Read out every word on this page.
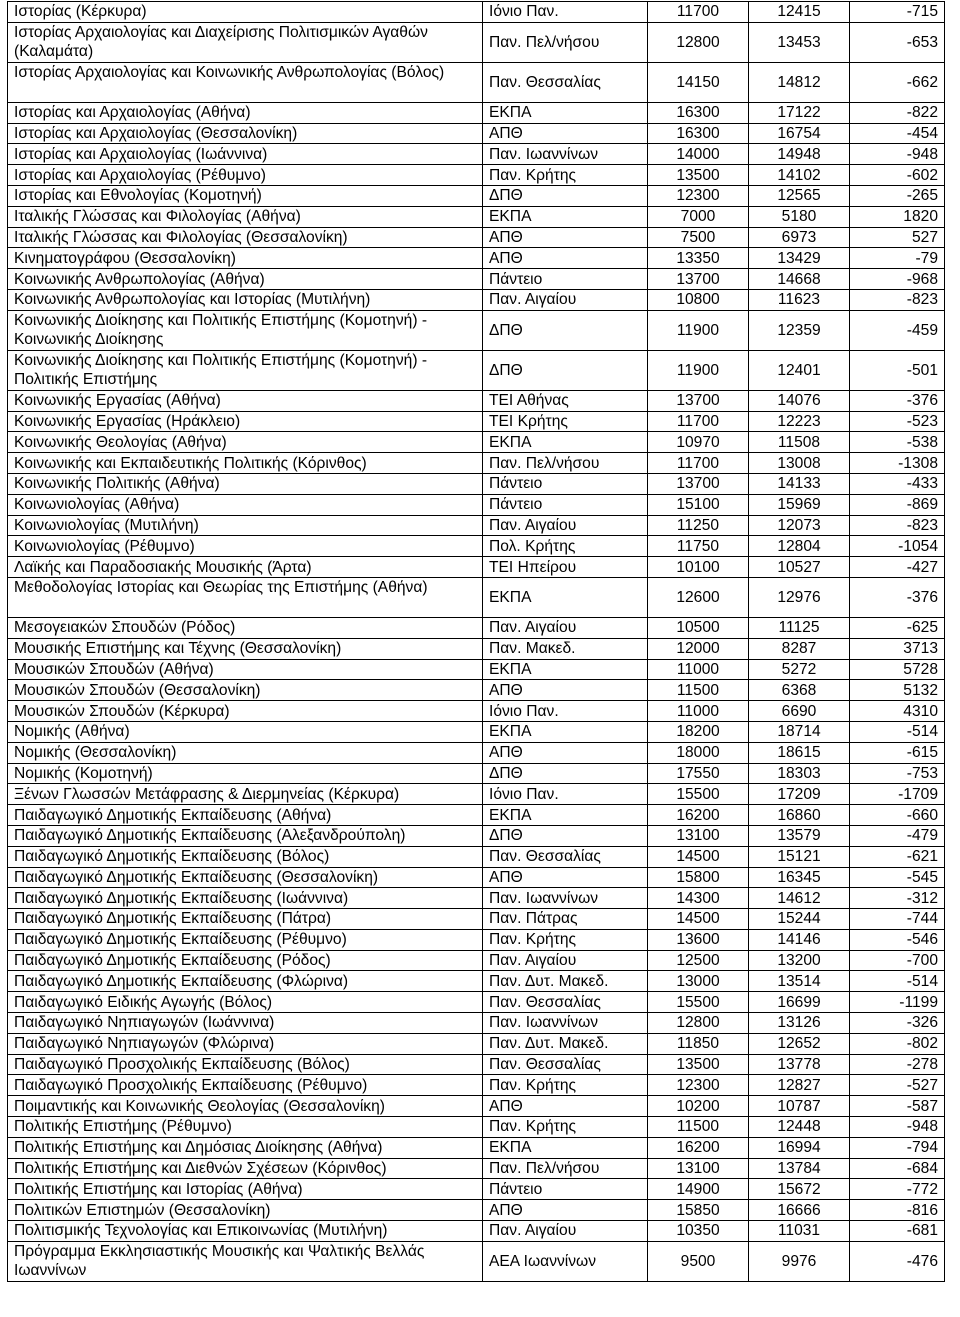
Ιστορίας (Κέρκυρα)	Ιόνιο Παν.	11700	12415	-715
Ιστορίας Αρχαιολογίας και Διαχείρισης Πολιτισμικών Αγαθών (Καλαμάτα)	Παν. Πελ/νήσου	12800	13453	-653
Ιστορίας Αρχαιολογίας και Κοινωνικής Ανθρωπολογίας (Βόλος)	Παν. Θεσσαλίας	14150	14812	-662
Ιστορίας και Αρχαιολογίας (Αθήνα)	ΕΚΠΑ	16300	17122	-822
Ιστορίας και Αρχαιολογίας (Θεσσαλονίκη)	ΑΠΘ	16300	16754	-454
Ιστορίας και Αρχαιολογίας (Ιωάννινα)	Παν. Ιωαννίνων	14000	14948	-948
Ιστορίας και Αρχαιολογίας (Ρέθυμνο)	Παν. Κρήτης	13500	14102	-602
Ιστορίας και Εθνολογίας (Κομοτηνή)	ΔΠΘ	12300	12565	-265
Ιταλικής Γλώσσας και Φιλολογίας (Αθήνα)	ΕΚΠΑ	7000	5180	1820
Ιταλικής Γλώσσας και Φιλολογίας (Θεσσαλονίκη)	ΑΠΘ	7500	6973	527
Κινηματογράφου (Θεσσαλονίκη)	ΑΠΘ	13350	13429	-79
Κοινωνικής Ανθρωπολογίας (Αθήνα)	Πάντειο	13700	14668	-968
Κοινωνικής Ανθρωπολογίας και Ιστορίας (Μυτιλήνη)	Παν. Αιγαίου	10800	11623	-823
Κοινωνικής Διοίκησης και Πολιτικής Επιστήμης (Κομοτηνή) - Κοινωνικής Διοίκησης	ΔΠΘ	11900	12359	-459
Κοινωνικής Διοίκησης και Πολιτικής Επιστήμης (Κομοτηνή) - Πολιτικής Επιστήμης	ΔΠΘ	11900	12401	-501
Κοινωνικής Εργασίας (Αθήνα)	ΤΕΙ Αθήνας	13700	14076	-376
Κοινωνικής Εργασίας (Ηράκλειο)	ΤΕΙ Κρήτης	11700	12223	-523
Κοινωνικής Θεολογίας (Αθήνα)	ΕΚΠΑ	10970	11508	-538
Κοινωνικής και Εκπαιδευτικής Πολιτικής (Κόρινθος)	Παν. Πελ/νήσου	11700	13008	-1308
Κοινωνικής Πολιτικής (Αθήνα)	Πάντειο	13700	14133	-433
Κοινωνιολογίας (Αθήνα)	Πάντειο	15100	15969	-869
Κοινωνιολογίας (Μυτιλήνη)	Παν. Αιγαίου	11250	12073	-823
Κοινωνιολογίας (Ρέθυμνο)	Πολ. Κρήτης	11750	12804	-1054
Λαϊκής και Παραδοσιακής Μουσικής (Άρτα)	ΤΕΙ Ηπείρου	10100	10527	-427
Μεθοδολογίας Ιστορίας και Θεωρίας της Επιστήμης (Αθήνα)	ΕΚΠΑ	12600	12976	-376
Μεσογειακών Σπουδών (Ρόδος)	Παν. Αιγαίου	10500	11125	-625
Μουσικής Επιστήμης και Τέχνης (Θεσσαλονίκη)	Παν. Μακεδ.	12000	8287	3713
Μουσικών Σπουδών (Αθήνα)	ΕΚΠΑ	11000	5272	5728
Μουσικών Σπουδών (Θεσσαλονίκη)	ΑΠΘ	11500	6368	5132
Μουσικών Σπουδών (Κέρκυρα)	Ιόνιο Παν.	11000	6690	4310
Νομικής (Αθήνα)	ΕΚΠΑ	18200	18714	-514
Νομικής (Θεσσαλονίκη)	ΑΠΘ	18000	18615	-615
Νομικής (Κομοτηνή)	ΔΠΘ	17550	18303	-753
Ξένων Γλωσσών Μετάφρασης & Διερμηνείας (Κέρκυρα)	Ιόνιο Παν.	15500	17209	-1709
Παιδαγωγικό Δημοτικής Εκπαίδευσης (Αθήνα)	ΕΚΠΑ	16200	16860	-660
Παιδαγωγικό Δημοτικής Εκπαίδευσης (Αλεξανδρούπολη)	ΔΠΘ	13100	13579	-479
Παιδαγωγικό Δημοτικής Εκπαίδευσης (Βόλος)	Παν. Θεσσαλίας	14500	15121	-621
Παιδαγωγικό Δημοτικής Εκπαίδευσης (Θεσσαλονίκη)	ΑΠΘ	15800	16345	-545
Παιδαγωγικό Δημοτικής Εκπαίδευσης (Ιωάννινα)	Παν. Ιωαννίνων	14300	14612	-312
Παιδαγωγικό Δημοτικής Εκπαίδευσης (Πάτρα)	Παν. Πάτρας	14500	15244	-744
Παιδαγωγικό Δημοτικής Εκπαίδευσης (Ρέθυμνο)	Παν. Κρήτης	13600	14146	-546
Παιδαγωγικό Δημοτικής Εκπαίδευσης (Ρόδος)	Παν. Αιγαίου	12500	13200	-700
Παιδαγωγικό Δημοτικής Εκπαίδευσης (Φλώρινα)	Παν. Δυτ. Μακεδ.	13000	13514	-514
Παιδαγωγικό Ειδικής Αγωγής (Βόλος)	Παν. Θεσσαλίας	15500	16699	-1199
Παιδαγωγικό Νηπιαγωγών (Ιωάννινα)	Παν. Ιωαννίνων	12800	13126	-326
Παιδαγωγικό Νηπιαγωγών (Φλώρινα)	Παν. Δυτ. Μακεδ.	11850	12652	-802
Παιδαγωγικό Προσχολικής Εκπαίδευσης (Βόλος)	Παν. Θεσσαλίας	13500	13778	-278
Παιδαγωγικό Προσχολικής Εκπαίδευσης (Ρέθυμνο)	Παν. Κρήτης	12300	12827	-527
Ποιμαντικής και Κοινωνικής Θεολογίας (Θεσσαλονίκη)	ΑΠΘ	10200	10787	-587
Πολιτικής Επιστήμης (Ρέθυμνο)	Παν. Κρήτης	11500	12448	-948
Πολιτικής Επιστήμης και Δημόσιας Διοίκησης (Αθήνα)	ΕΚΠΑ	16200	16994	-794
Πολιτικής Επιστήμης και Διεθνών Σχέσεων (Κόρινθος)	Παν. Πελ/νήσου	13100	13784	-684
Πολιτικής Επιστήμης και Ιστορίας (Αθήνα)	Πάντειο	14900	15672	-772
Πολιτικών Επιστημών (Θεσσαλονίκη)	ΑΠΘ	15850	16666	-816
Πολιτισμικής Τεχνολογίας και Επικοινωνίας (Μυτιλήνη)	Παν. Αιγαίου	10350	11031	-681
Πρόγραμμα Εκκλησιαστικής Μουσικής και Ψαλτικής Βελλάς Ιωαννίνων	ΑΕΑ Ιωαννίνων	9500	9976	-476
